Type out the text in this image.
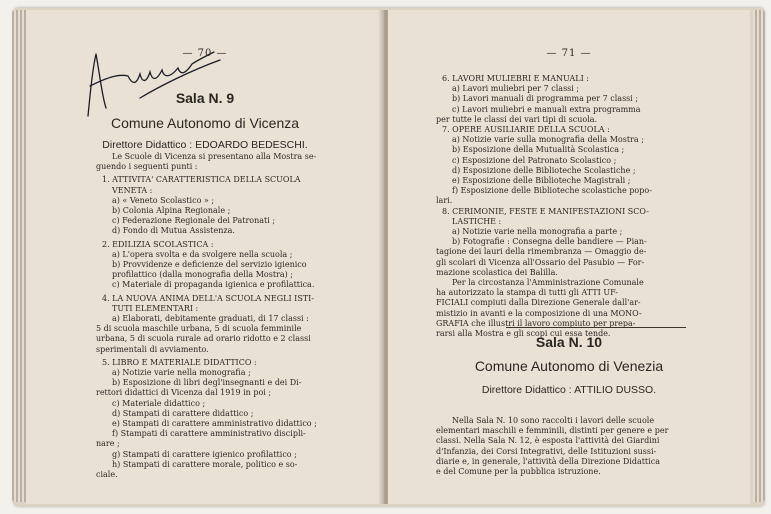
— 70 —
Sala N. 9
Comune Autonomo di Vicenza
Direttore Didattico : EDOARDO BEDESCHI.
Le Scuole di Vicenza si presentano alla Mostra se-
guendo i seguenti punti :
1. ATTIVITA' CARATTERISTICA DELLA SCUOLA
VENETA :
a) « Veneto Scolastico » ;
b) Colonia Alpina Regionale ;
c) Federazione Regionale dei Patronati ;
d) Fondo di Mutua Assistenza.
2. EDILIZIA SCOLASTICA :
a) L'opera svolta e da svolgere nella scuola ;
b) Provvidenze e deficienze del servizio igienico
profilattico (dalla monografia della Mostra) ;
c) Materiale di propaganda igienica e profilattica.
4. LA NUOVA ANIMA DELL'A SCUOLA NEGLI ISTI-
TUTI ELEMENTARI :
a) Elaborati, debitamente graduati, di 17 classi :
5 di scuola maschile urbana, 5 di scuola femminile
urbana, 5 di scuola rurale ad orario ridotto e 2 classi
sperimentali di avviamento.
5. LIBRO E MATERIALE DIDATTICO :
a) Notizie varie nella monografia ;
b) Esposizione di libri degl'insegnanti e dei Di-
rettori didattici di Vicenza dal 1919 in poi ;
c) Materiale didattico ;
d) Stampati di carattere didattico ;
e) Stampati di carattere amministrativo didattico ;
f) Stampati di carattere amministrativo discipli-
nare ;
g) Stampati di carattere igienico profilattico ;
h) Stampati di carattere morale, politico e so-
ciale.
— 71 —
6. LAVORI MULIEBRI E MANUALI :
a) Lavori muliebri per 7 classi ;
b) Lavori manuali di programma per 7 classi ;
c) Lavori muliebri e manuali extra programma
per tutte le classi dei vari tipi di scuola.
7. OPERE AUSILIARIE DELLA SCUOLA :
a) Notizie varie sulla monografia della Mostra ;
b) Esposizione della Mutualità Scolastica ;
c) Esposizione del Patronato Scolastico ;
d) Esposizione delle Biblioteche Scolastiche ;
e) Esposizione delle Biblioteche Magistrali ;
f) Esposizione delle Biblioteche scolastiche popo-
lari.
8. CERIMONIE, FESTE E MANIFESTAZIONI SCO-
LASTICHE :
a) Notizie varie nella monografia a parte ;
b) Fotografie : Consegna delle bandiere — Pian-
tagione dei lauri della rimembranza — Omaggio de-
gli scolari di Vicenza all'Ossario del Pasubio — For-
mazione scolastica dei Balilla.
Per la circostanza l'Amministrazione Comunale
ha autorizzato la stampa di tutti gli ATTI UF-
FICIALI compiuti dalla Direzione Generale dall'ar-
mistizio in avanti e la composizione di una MONO-
GRAFIA che illustri il lavoro compiuto per prepa-
rarsi alla Mostra e gli scopi cui essa tende.
Sala N. 10
Comune Autonomo di Venezia
Direttore Didattico : ATTILIO DUSSO.
Nella Sala N. 10 sono raccolti i lavori delle scuole
elementari maschili e femminili, distinti per genere e per
classi. Nella Sala N. 12, è esposta l'attività dei Giardini
d'Infanzia, dei Corsi Integrativi, delle Istituzioni sussi-
diarie e, in generale, l'attività della Direzione Didattica
e del Comune per la pubblica istruzione.
